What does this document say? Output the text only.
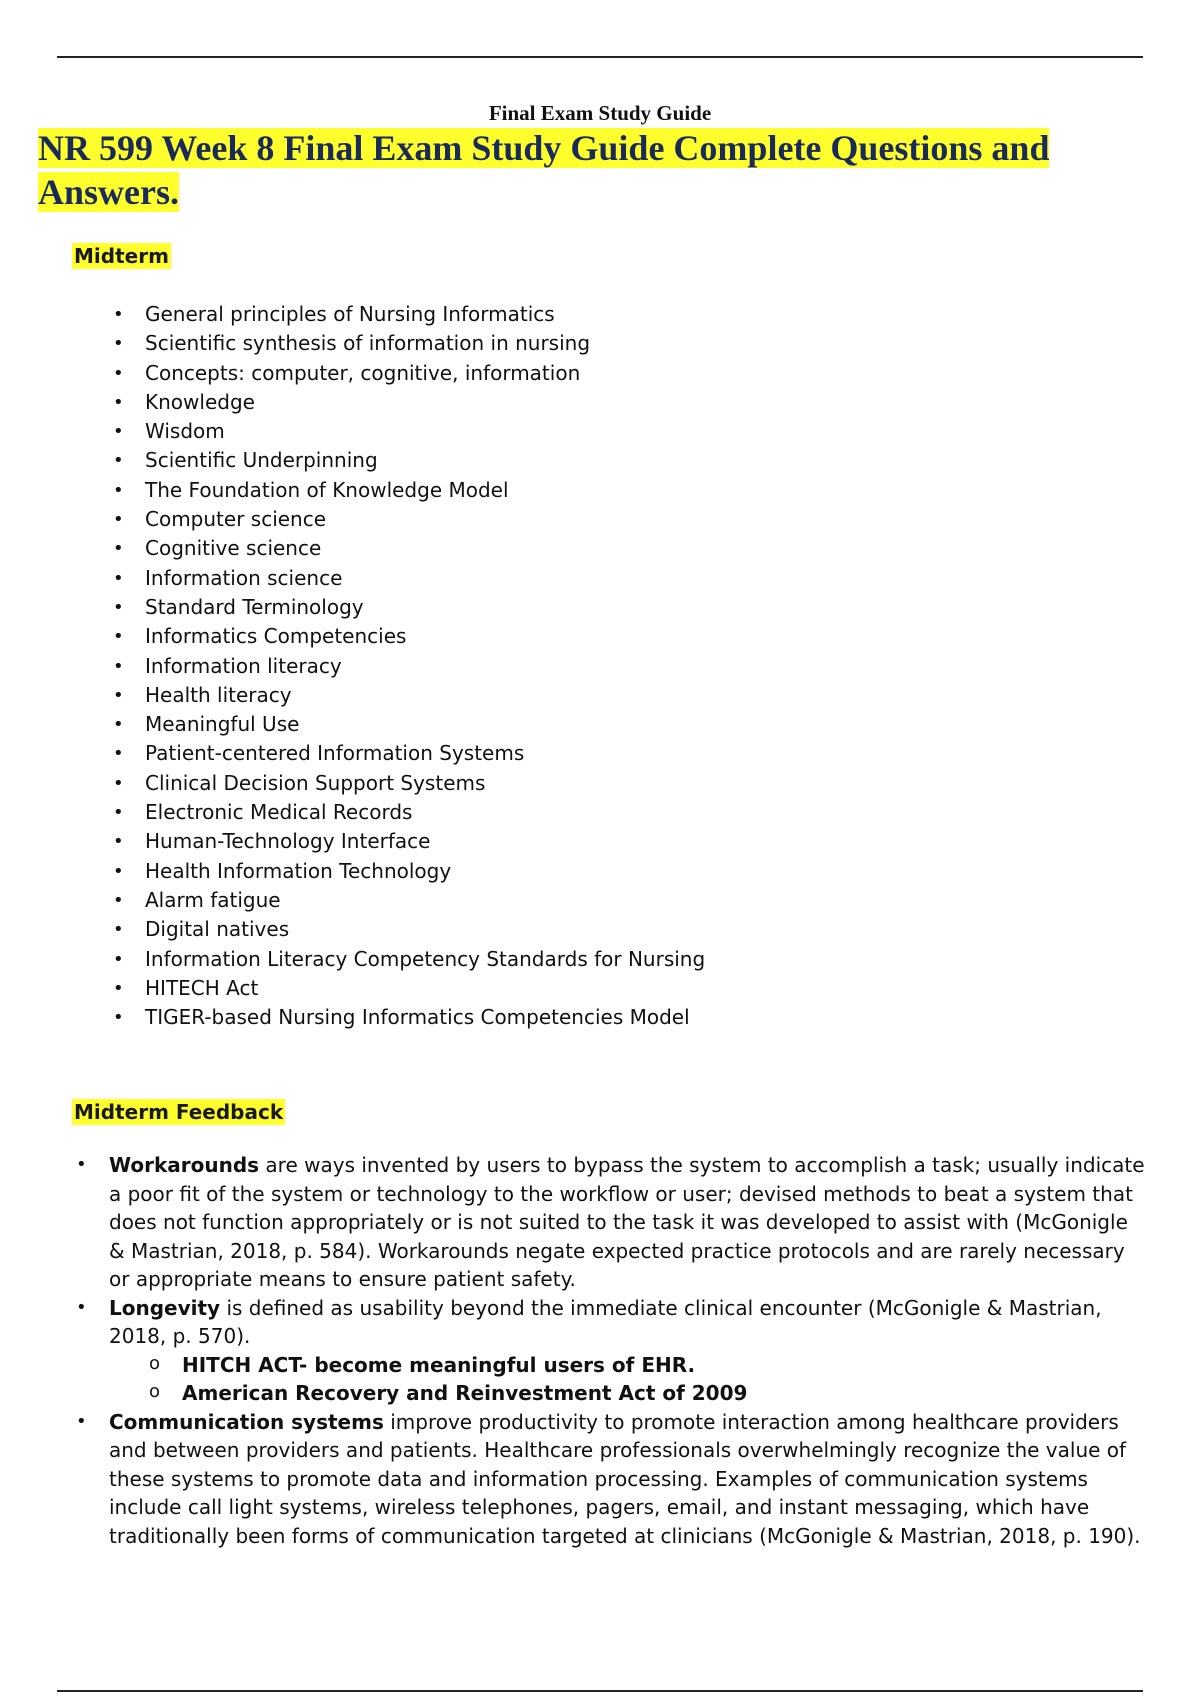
Final Exam Study Guide
NR 599 Week 8 Final Exam Study Guide Complete Questions and
Answers.
Midterm
• General principles of Nursing Informatics
• Scientific synthesis of information in nursing
• Concepts: computer, cognitive, information
• Knowledge
• Wisdom
• Scientific Underpinning
• The Foundation of Knowledge Model
• Computer science
• Cognitive science
• Information science
• Standard Terminology
• Informatics Competencies
• Information literacy
• Health literacy
• Meaningful Use
• Patient-centered Information Systems
• Clinical Decision Support Systems
• Electronic Medical Records
• Human-Technology Interface
• Health Information Technology
• Alarm fatigue
• Digital natives
• Information Literacy Competency Standards for Nursing
• HITECH Act
• TIGER-based Nursing Informatics Competencies Model
Midterm Feedback
• Workarounds are ways invented by users to bypass the system to accomplish a task; usually indicate a poor fit of the system or technology to the workflow or user; devised methods to beat a system that does not function appropriately or is not suited to the task it was developed to assist with (McGonigle & Mastrian, 2018, p. 584). Workarounds negate expected practice protocols and are rarely necessary or appropriate means to ensure patient safety.
• Longevity is defined as usability beyond the immediate clinical encounter (McGonigle & Mastrian, 2018, p. 570).
o HITCH ACT- become meaningful users of EHR.
o American Recovery and Reinvestment Act of 2009
• Communication systems improve productivity to promote interaction among healthcare providers and between providers and patients. Healthcare professionals overwhelmingly recognize the value of these systems to promote data and information processing. Examples of communication systems include call light systems, wireless telephones, pagers, email, and instant messaging, which have traditionally been forms of communication targeted at clinicians (McGonigle & Mastrian, 2018, p. 190).
